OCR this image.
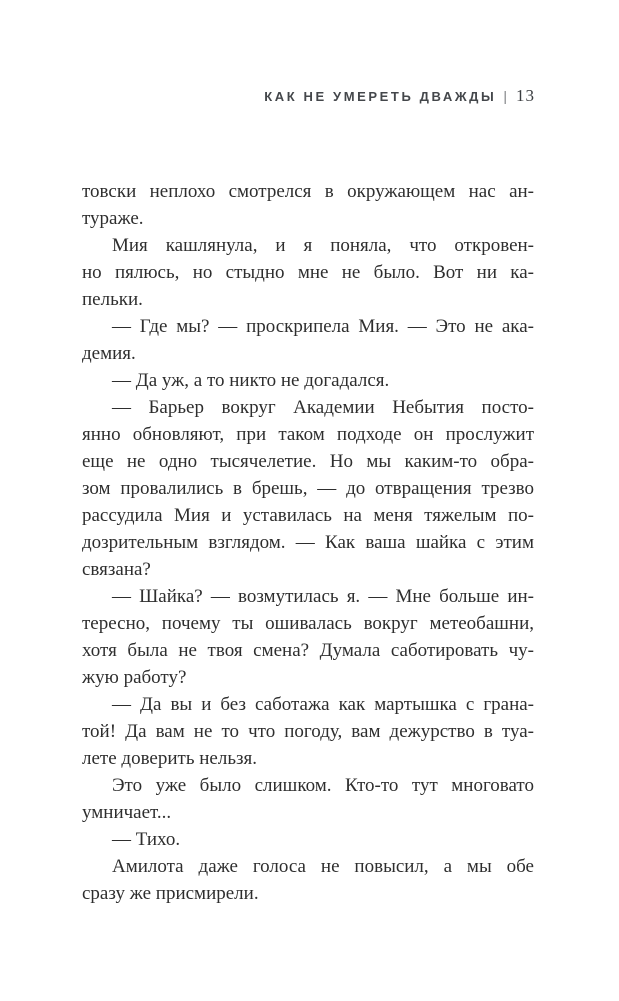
КАК НЕ УМЕРЕТЬ ДВАЖДЫ | 13
товски неплохо смотрелся в окружающем нас ан-
тураже.
Мия кашлянула, и я поняла, что откровен-
но пялюсь, но стыдно мне не было. Вот ни ка-
пельки.
— Где мы? — проскрипела Мия. — Это не ака-
демия.
— Да уж, а то никто не догадался.
— Барьер вокруг Академии Небытия посто-
янно обновляют, при таком подходе он прослужит
еще не одно тысячелетие. Но мы каким-то обра-
зом провалились в брешь, — до отвращения трезво
рассудила Мия и уставилась на меня тяжелым по-
дозрительным взглядом. — Как ваша шайка с этим
связана?
— Шайка? — возмутилась я. — Мне больше ин-
тересно, почему ты ошивалась вокруг метеобашни,
хотя была не твоя смена? Думала саботировать чу-
жую работу?
— Да вы и без саботажа как мартышка с грана-
той! Да вам не то что погоду, вам дежурство в туа-
лете доверить нельзя.
Это уже было слишком. Кто-то тут многовато
умничает...
— Тихо.
Амилота даже голоса не повысил, а мы обе
сразу же присмирели.
